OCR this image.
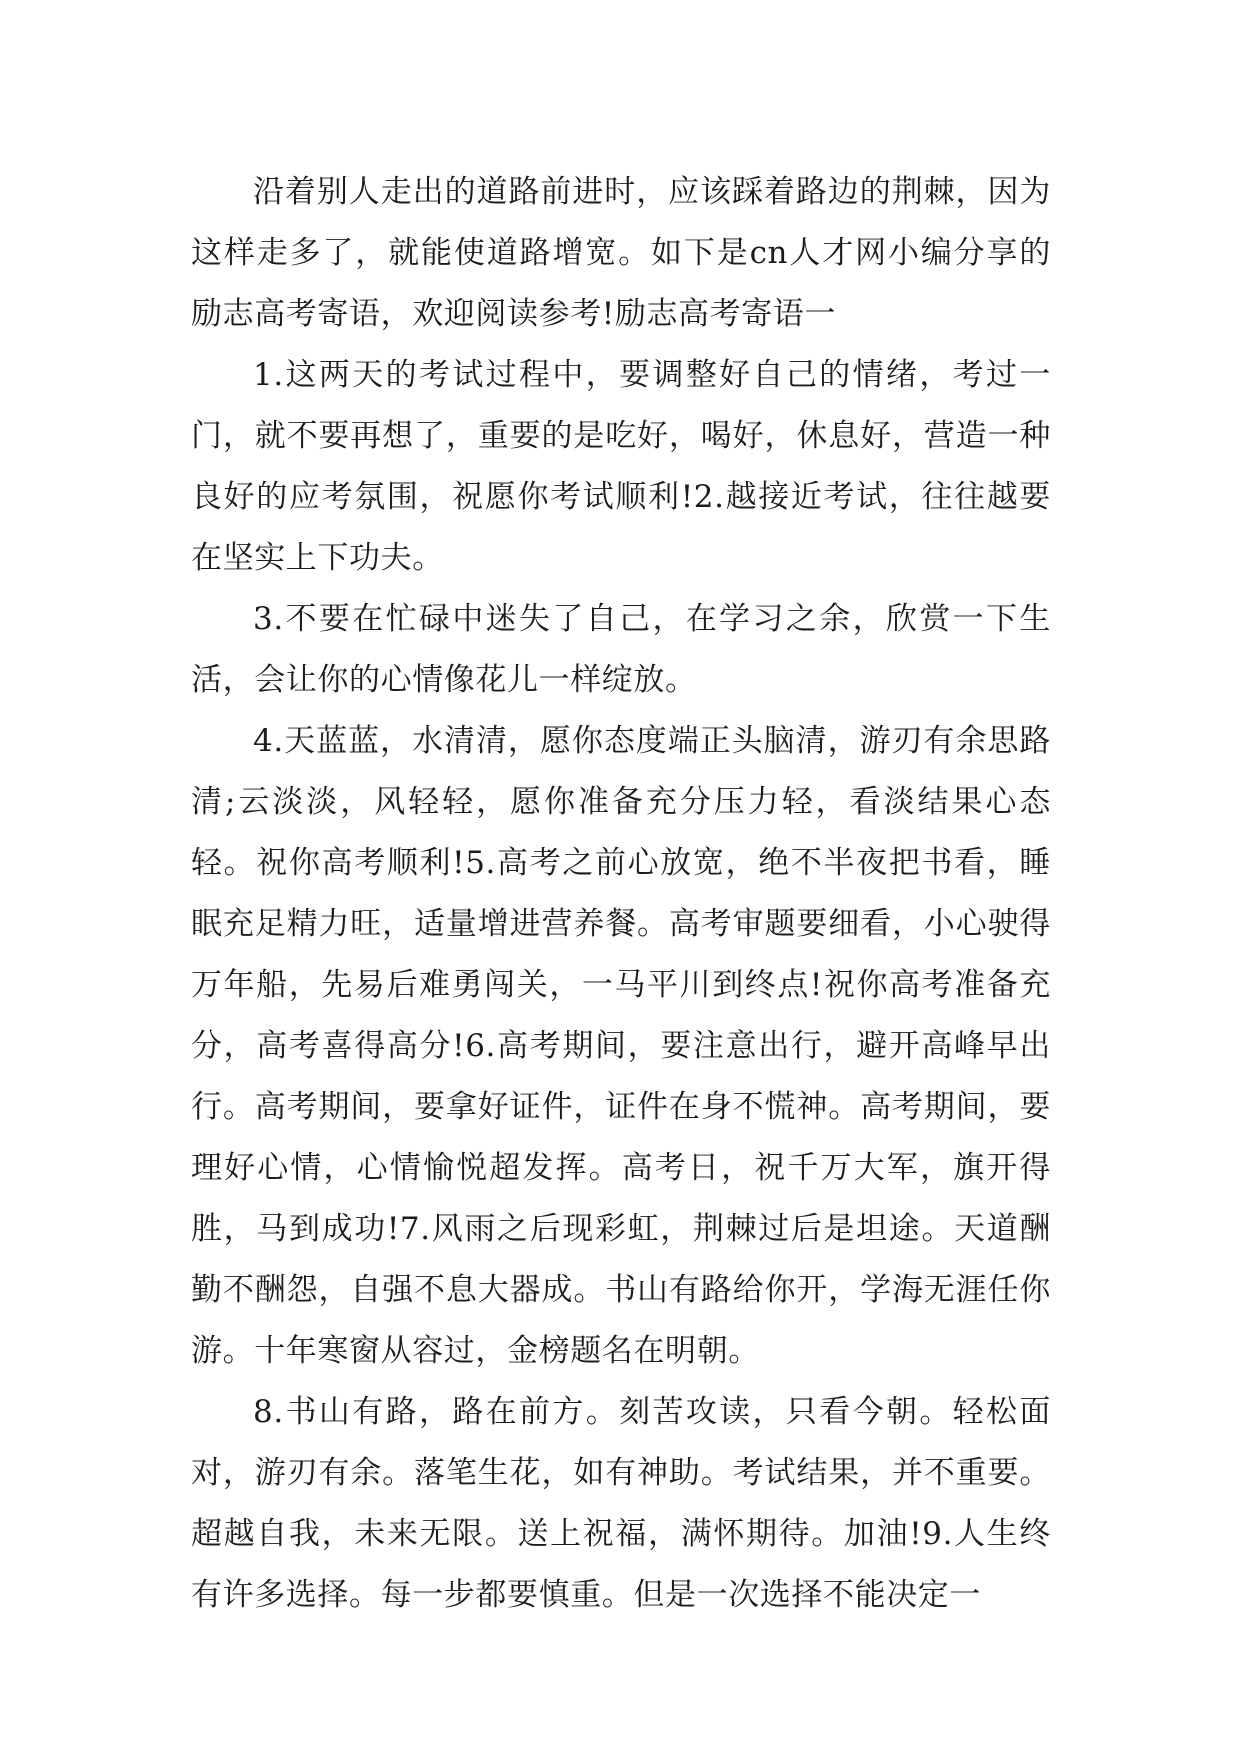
沿着别人走出的道路前进时，应该踩着路边的荆棘，因为这样走多了，就能使道路增宽。如下是cn人才网小编分享的励志高考寄语，欢迎阅读参考!励志高考寄语一

1.这两天的考试过程中，要调整好自己的情绪，考过一门，就不要再想了，重要的是吃好，喝好，休息好，营造一种良好的应考氛围，祝愿你考试顺利!2.越接近考试，往往越要在坚实上下功夫。

3.不要在忙碌中迷失了自己，在学习之余，欣赏一下生活，会让你的心情像花儿一样绽放。

4.天蓝蓝，水清清，愿你态度端正头脑清，游刃有余思路清;云淡淡，风轻轻，愿你准备充分压力轻，看淡结果心态轻。祝你高考顺利!5.高考之前心放宽，绝不半夜把书看，睡眠充足精力旺，适量增进营养餐。高考审题要细看，小心驶得万年船，先易后难勇闯关，一马平川到终点!祝你高考准备充分，高考喜得高分!6.高考期间，要注意出行，避开高峰早出行。高考期间，要拿好证件，证件在身不慌神。高考期间，要理好心情，心情愉悦超发挥。高考日，祝千万大军，旗开得胜，马到成功!7.风雨之后现彩虹，荆棘过后是坦途。天道酬勤不酬怨，自强不息大器成。书山有路给你开，学海无涯任你游。十年寒窗从容过，金榜题名在明朝。

8.书山有路，路在前方。刻苦攻读，只看今朝。轻松面对，游刃有余。落笔生花，如有神助。考试结果，并不重要。超越自我，未来无限。送上祝福，满怀期待。加油!9.人生终有许多选择。每一步都要慎重。但是一次选择不能决定一
